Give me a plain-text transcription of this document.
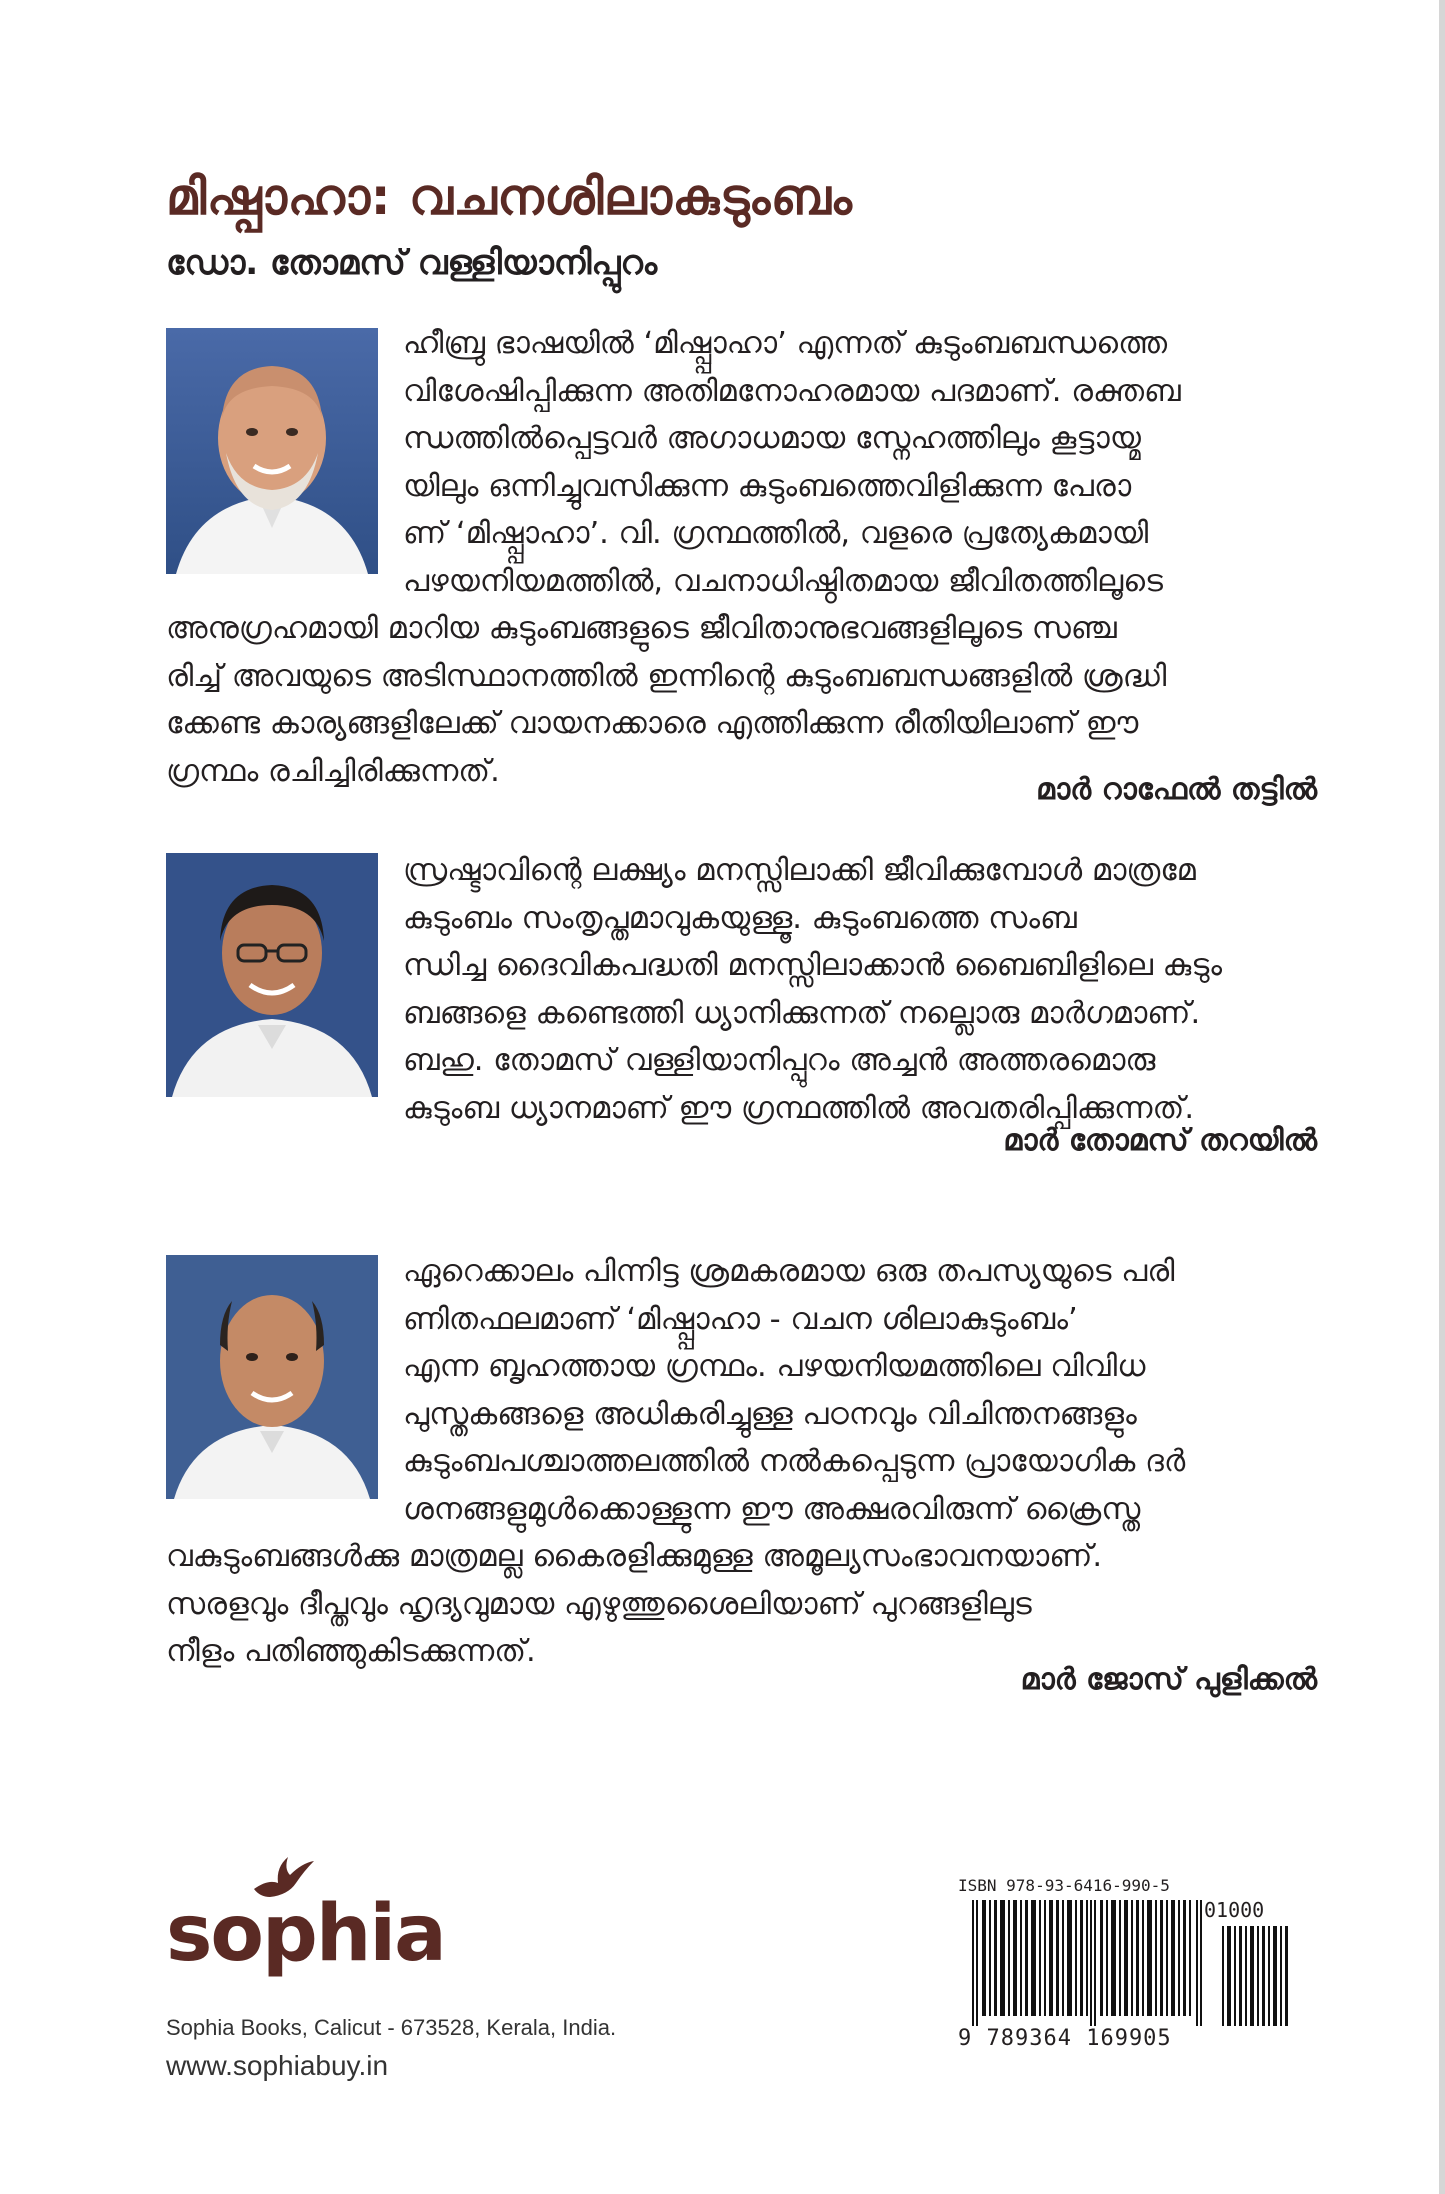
മിഷ്പാഹാ: വചനശിലാകുടുംബം
ഡോ. തോമസ് വള്ളിയാനിപ്പുറം
ഹീബ്രു ഭാഷയിൽ ‘മിഷ്പ്പാഹാ’ എന്നത് കുടുംബബന്ധത്തെ
വിശേഷിപ്പിക്കുന്ന അതിമനോഹരമായ പദമാണ്. രക്തബ
ന്ധത്തിൽപ്പെട്ടവർ അഗാധമായ സ്നേഹത്തിലും കൂട്ടായ്മ
യിലും ഒന്നിച്ചുവസിക്കുന്ന കുടുംബത്തെവിളിക്കുന്ന പേരാ
ണ് ‘മിഷ്പ്പാഹാ’. വി. ഗ്രന്ഥത്തിൽ, വളരെ പ്രത്യേകമായി
പഴയനിയമത്തിൽ, വചനാധിഷ്ഠിതമായ ജീവിതത്തിലൂടെ
അനുഗ്രഹമായി മാറിയ കുടുംബങ്ങളുടെ ജീവിതാനുഭവങ്ങളിലൂടെ സഞ്ച
രിച്ച് അവയുടെ അടിസ്ഥാനത്തിൽ ഇന്നിന്റെ കുടുംബബന്ധങ്ങളിൽ ശ്രദ്ധി
ക്കേണ്ട കാര്യങ്ങളിലേക്ക് വായനക്കാരെ എത്തിക്കുന്ന രീതിയിലാണ് ഈ
ഗ്രന്ഥം രചിച്ചിരിക്കുന്നത്.
മാർ റാഫേൽ തട്ടിൽ
സ്രഷ്ടാവിന്റെ ലക്ഷ്യം മനസ്സിലാക്കി ജീവിക്കുമ്പോൾ മാത്രമേ
കുടുംബം സംതൃപ്തമാവുകയുള്ളൂ. കുടുംബത്തെ സംബ
ന്ധിച്ച ദൈവികപദ്ധതി മനസ്സിലാക്കാൻ ബൈബിളിലെ കുടും
ബങ്ങളെ കണ്ടെത്തി ധ്യാനിക്കുന്നത് നല്ലൊരു മാർഗമാണ്.
ബഹു. തോമസ് വള്ളിയാനിപ്പുറം അച്ചൻ അത്തരമൊരു
കുടുംബ ധ്യാനമാണ് ഈ ഗ്രന്ഥത്തിൽ അവതരിപ്പിക്കുന്നത്.
മാർ തോമസ് തറയിൽ
ഏറെക്കാലം പിന്നിട്ട ശ്രമകരമായ ഒരു തപസ്യയുടെ പരി
ണിതഫലമാണ് ‘മിഷ്പ്പാഹാ - വചന ശിലാകുടുംബം’
എന്ന ബൃഹത്തായ ഗ്രന്ഥം. പഴയനിയമത്തിലെ വിവിധ
പുസ്തകങ്ങളെ അധികരിച്ചുള്ള പഠനവും വിചിന്തനങ്ങളും
കുടുംബപശ്ചാത്തലത്തിൽ നൽകപ്പെടുന്ന പ്രായോഗിക ദർ
ശനങ്ങളുമുൾക്കൊള്ളുന്ന ഈ അക്ഷരവിരുന്ന് ക്രൈസ്ത
വകുടുംബങ്ങൾക്കു മാത്രമല്ല കൈരളിക്കുമുള്ള അമൂല്യസംഭാവനയാണ്.
സരളവും ദീപ്തവും ഹൃദ്യവുമായ എഴുത്തുശൈലിയാണ് പുറങ്ങളിലുട
നീളം പതിഞ്ഞുകിടക്കുന്നത്.
മാർ ജോസ് പുളിക്കൽ
sophia
Sophia Books, Calicut - 673528, Kerala, India.
www.sophiabuy.in
ISBN 978-93-6416-990-5
01000
9 789364 169905
